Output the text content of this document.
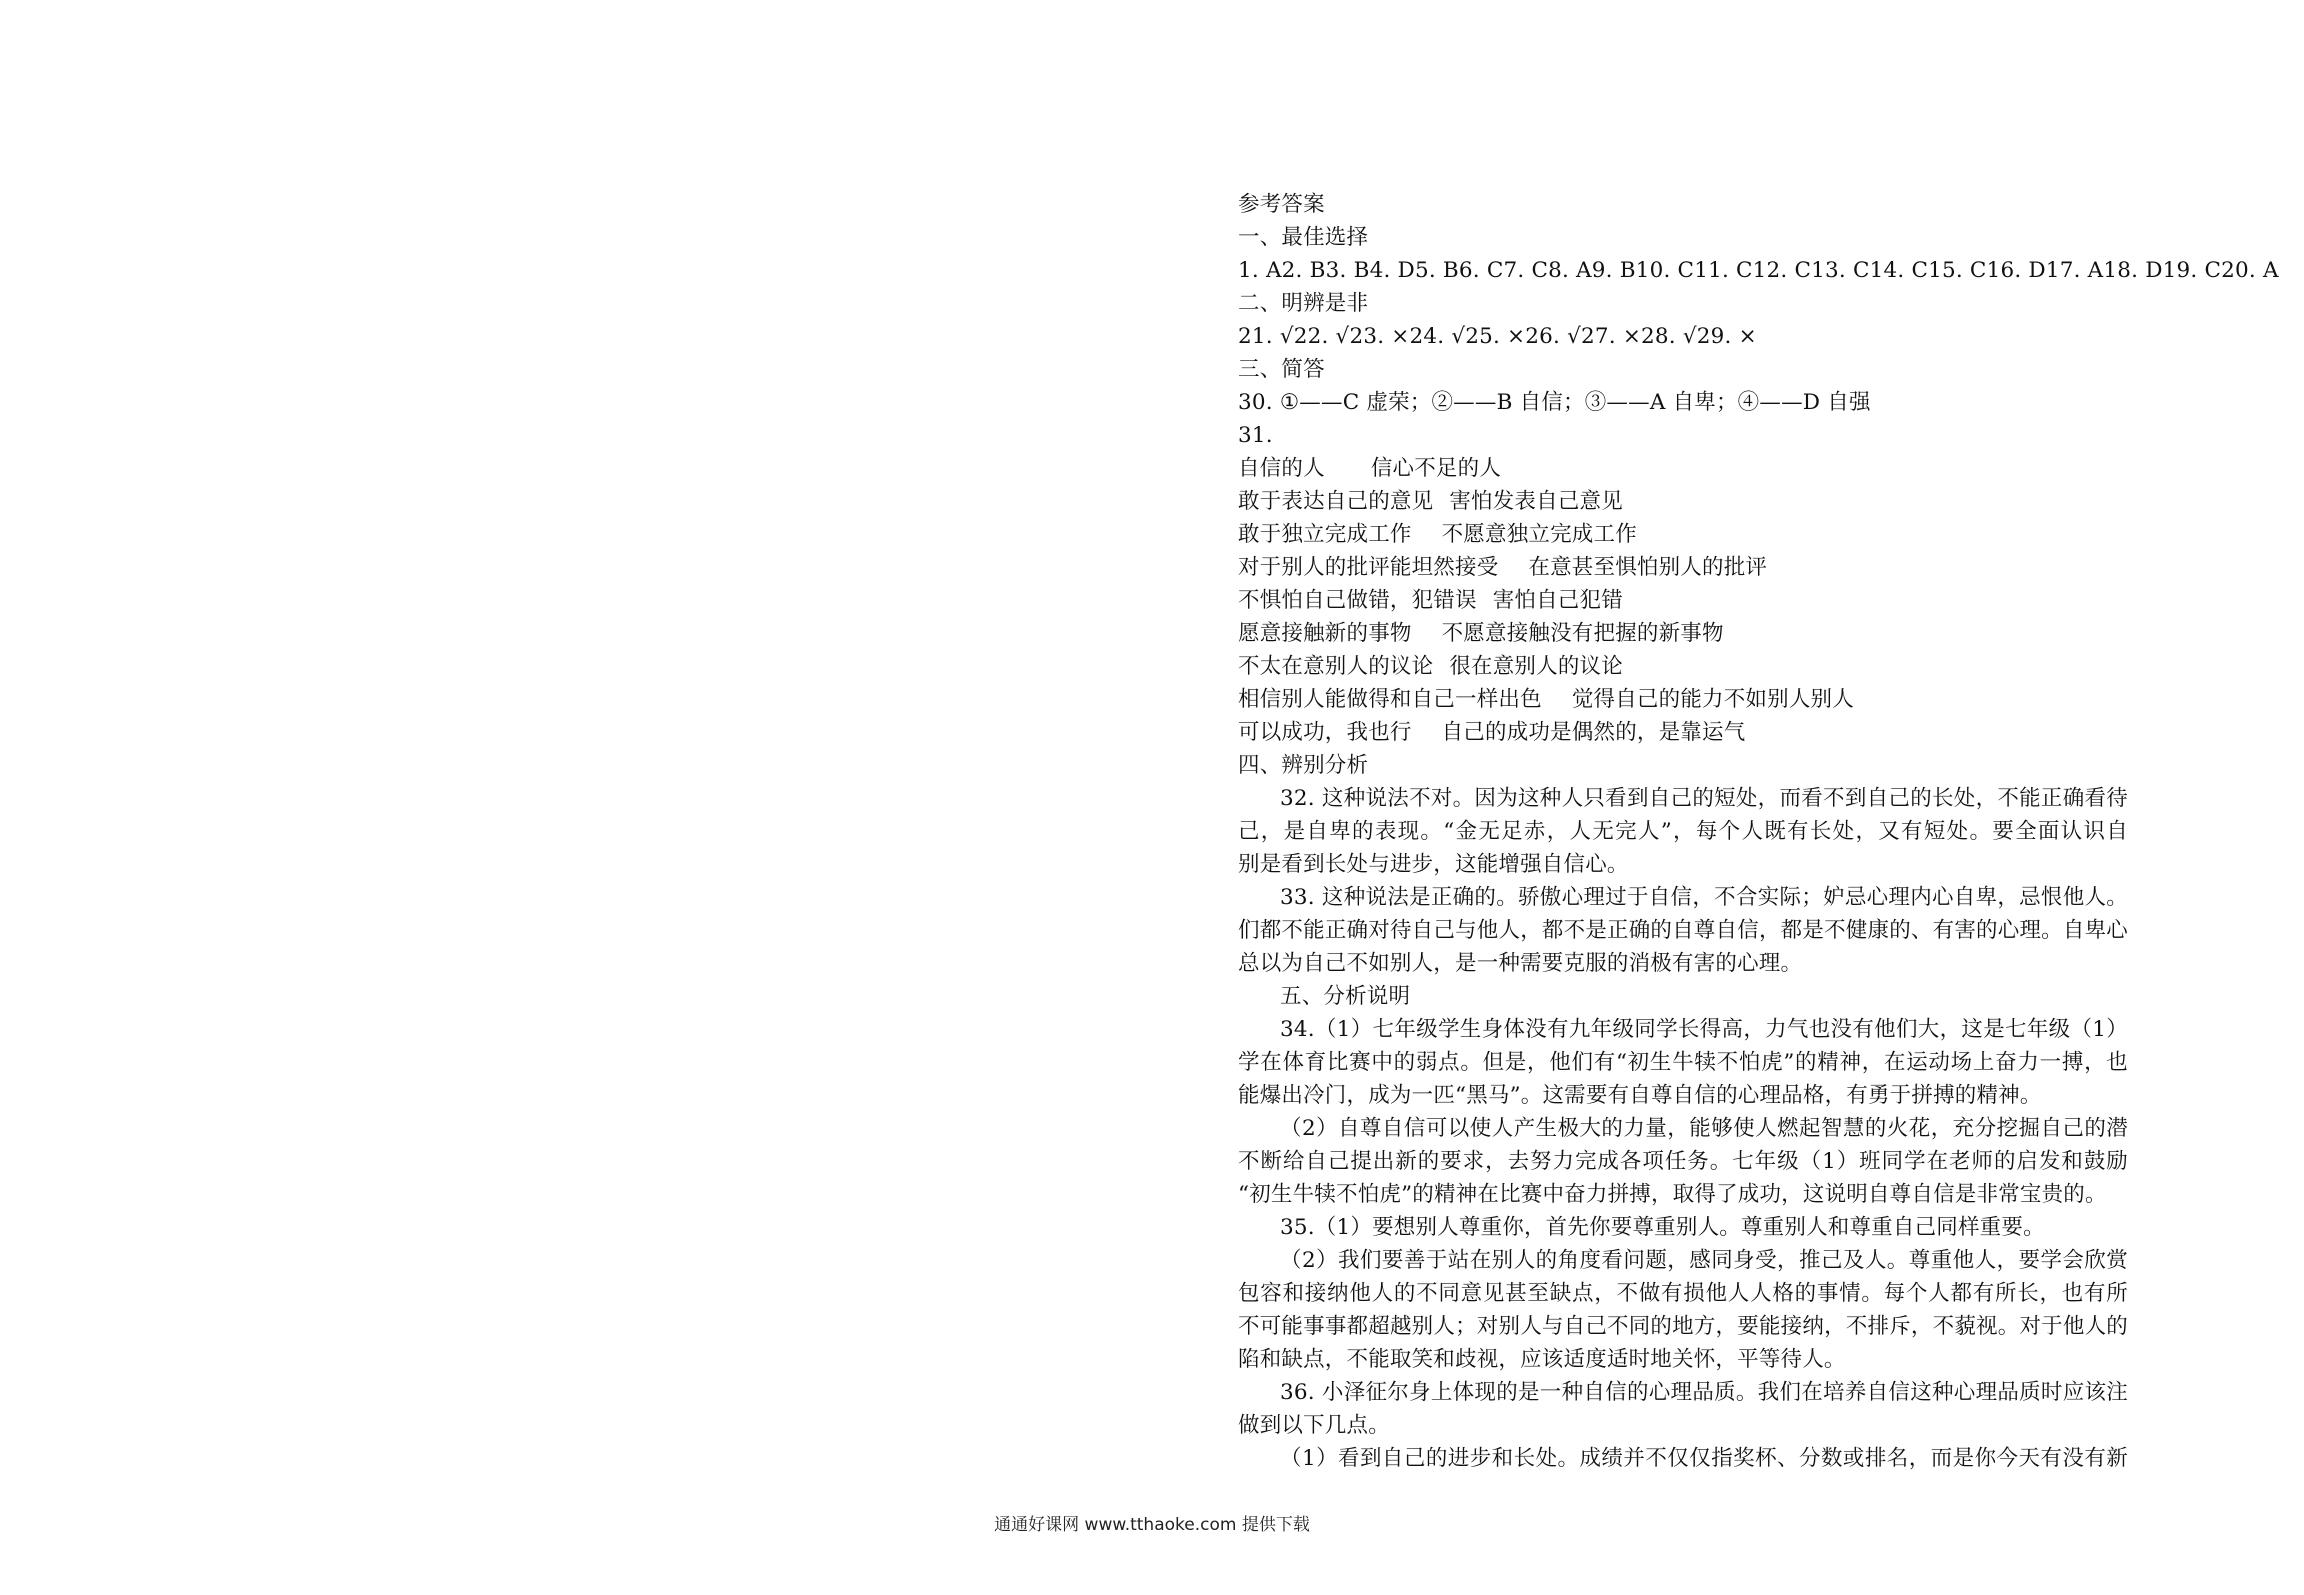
参考答案
一、最佳选择
1. A2. B3. B4. D5. B6. C7. C8. A9. B10. C11. C12. C13. C14. C15. C16. D17. A18. D19. C20. A
二、明辨是非
21. √22. √23. ×24. √25. ×26. √27. ×28. √29. ×
三、简答
30. ①——C 虚荣；②——B 自信；③——A 自卑；④——D 自强
31.
自信的人 信心不足的人
敢于表达自己的意见 害怕发表自己意见
敢于独立完成工作 不愿意独立完成工作
对于别人的批评能坦然接受 在意甚至惧怕别人的批评
不惧怕自己做错，犯错误 害怕自己犯错
愿意接触新的事物 不愿意接触没有把握的新事物
不太在意别人的议论 很在意别人的议论
相信别人能做得和自己一样出色 觉得自己的能力不如别人别人
可以成功，我也行 自己的成功是偶然的，是靠运气
四、辨别分析
32. 这种说法不对。因为这种人只看到自己的短处，而看不到自己的长处，不能正确看待
己，是自卑的表现。“金无足赤，人无完人”，每个人既有长处，又有短处。要全面认识自
别是看到长处与进步，这能增强自信心。
33. 这种说法是正确的。骄傲心理过于自信，不合实际；妒忌心理内心自卑，忌恨他人。
们都不能正确对待自己与他人，都不是正确的自尊自信，都是不健康的、有害的心理。自卑心
总以为自己不如别人，是一种需要克服的消极有害的心理。
五、分析说明
34.（1）七年级学生身体没有九年级同学长得高，力气也没有他们大，这是七年级（1）
学在体育比赛中的弱点。但是，他们有“初生牛犊不怕虎”的精神，在运动场上奋力一搏，也
能爆出冷门，成为一匹“黑马”。这需要有自尊自信的心理品格，有勇于拼搏的精神。
（2）自尊自信可以使人产生极大的力量，能够使人燃起智慧的火花，充分挖掘自己的潜
不断给自己提出新的要求，去努力完成各项任务。七年级（1）班同学在老师的启发和鼓励
“初生牛犊不怕虎”的精神在比赛中奋力拼搏，取得了成功，这说明自尊自信是非常宝贵的。
35.（1）要想别人尊重你，首先你要尊重别人。尊重别人和尊重自己同样重要。
（2）我们要善于站在别人的角度看问题，感同身受，推己及人。尊重他人，要学会欣赏
包容和接纳他人的不同意见甚至缺点，不做有损他人人格的事情。每个人都有所长，也有所
不可能事事都超越别人；对别人与自己不同的地方，要能接纳，不排斥，不藐视。对于他人的
陷和缺点，不能取笑和歧视，应该适度适时地关怀，平等待人。
36. 小泽征尔身上体现的是一种自信的心理品质。我们在培养自信这种心理品质时应该注
做到以下几点。
（1）看到自己的进步和长处。成绩并不仅仅指奖杯、分数或排名，而是你今天有没有新
通通好课网 www.tthaoke.com 提供下载
